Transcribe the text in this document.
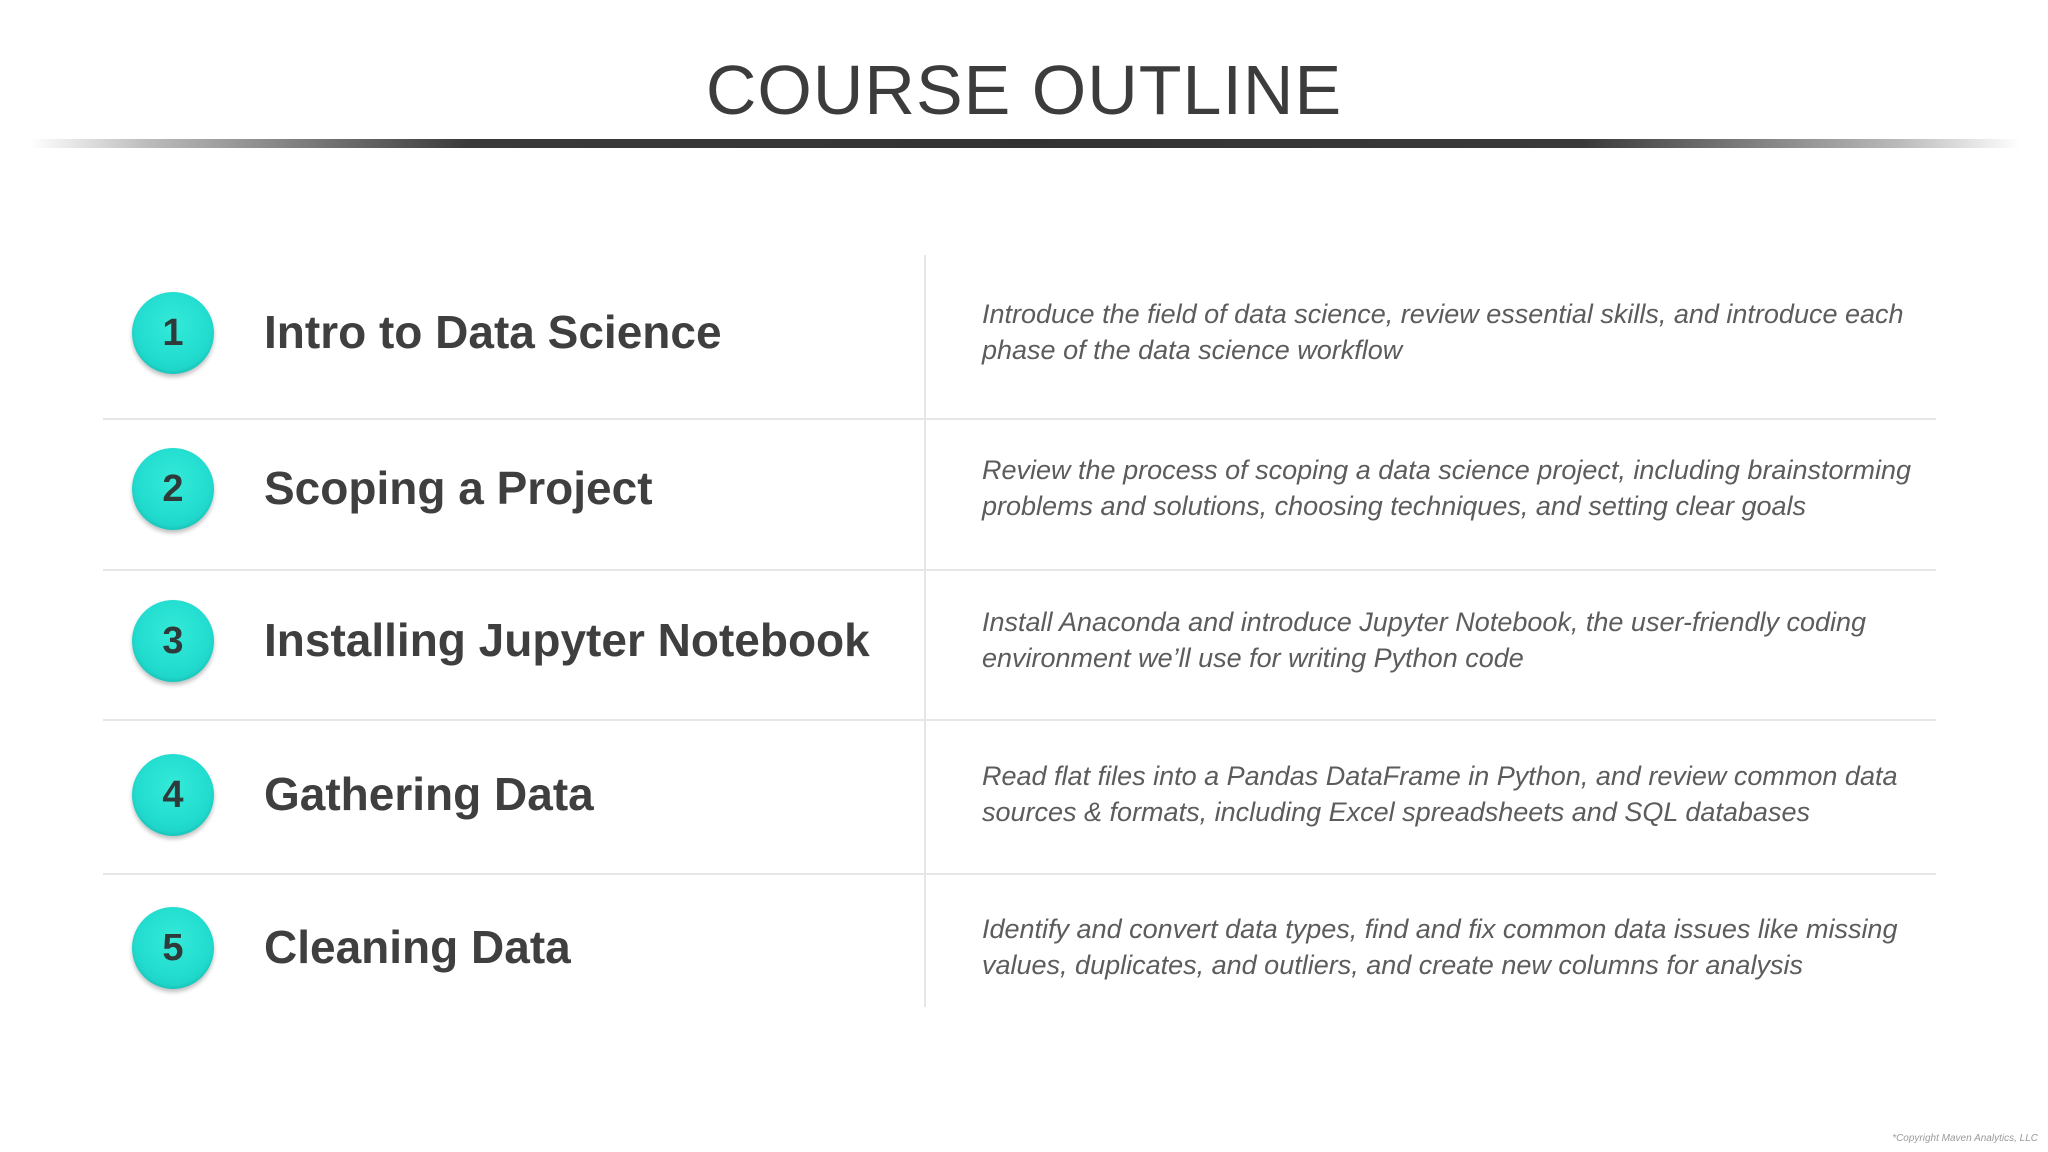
COURSE OUTLINE
1 Intro to Data Science	Introduce the field of data science, review essential skills, and introduce each phase of the data science workflow
2 Scoping a Project	Review the process of scoping a data science project, including brainstorming problems and solutions, choosing techniques, and setting clear goals
3 Installing Jupyter Notebook	Install Anaconda and introduce Jupyter Notebook, the user-friendly coding environment we’ll use for writing Python code
4 Gathering Data	Read flat files into a Pandas DataFrame in Python, and review common data sources & formats, including Excel spreadsheets and SQL databases
5 Cleaning Data	Identify and convert data types, find and fix common data issues like missing values, duplicates, and outliers, and create new columns for analysis
*Copyright Maven Analytics, LLC
